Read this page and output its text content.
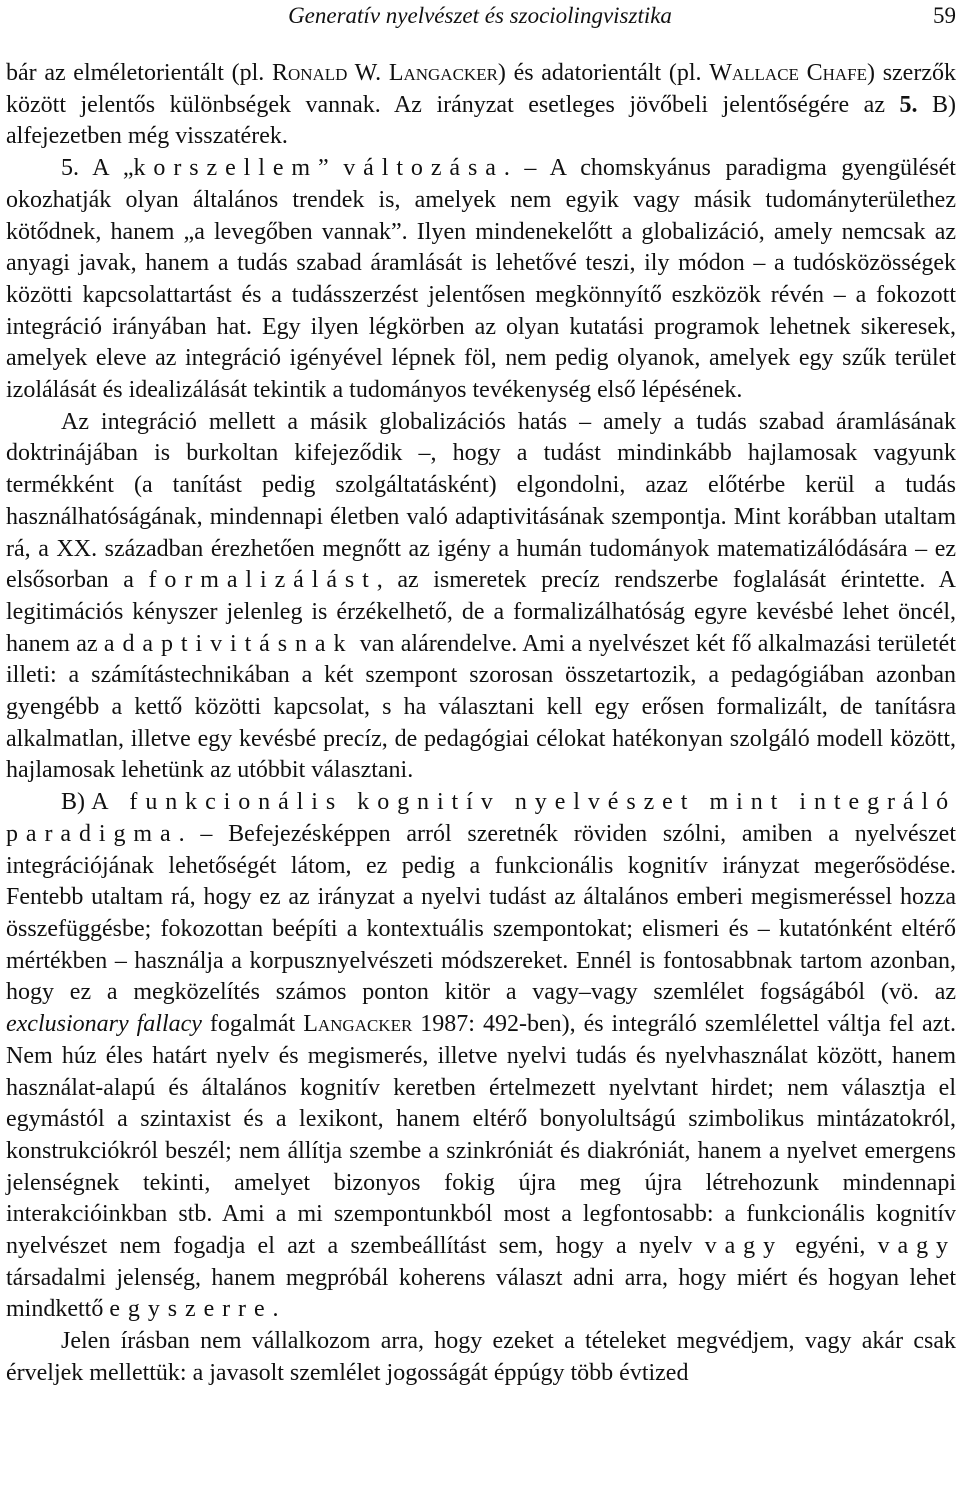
Generatív nyelvészet és szociolingvisztika	59

bár az elméletorientált (pl. Ronald W. Langacker) és adatorientált (pl. Wallace Chafe) szerzők között jelentős különbségek vannak. Az irányzat esetleges jövőbeli jelentőségére az 5. B) alfejezetben még visszatérek.

5. A „korszellem” változása. – A chomskyánus paradigma gyengülését okozhatják olyan általános trendek is, amelyek nem egyik vagy másik tudományterülethez kötődnek, hanem „a levegőben vannak”. Ilyen mindenekelőtt a globalizáció, amely nemcsak az anyagi javak, hanem a tudás szabad áramlását is lehetővé teszi, ily módon – a tudósközösségek közötti kapcsolattartást és a tudásszerzést jelentősen megkönnyítő eszközök révén – a fokozott integráció irányában hat. Egy ilyen légkörben az olyan kutatási programok lehetnek sikeresek, amelyek eleve az integráció igényével lépnek föl, nem pedig olyanok, amelyek egy szűk terület izolálását és idealizálását tekintik a tudományos tevékenység első lépésének.

Az integráció mellett a másik globalizációs hatás – amely a tudás szabad áramlásának doktrinájában is burkoltan kifejeződik –, hogy a tudást mindinkább hajlamosak vagyunk termékként (a tanítást pedig szolgáltatásként) elgondolni, azaz előtérbe kerül a tudás használhatóságának, mindennapi életben való adaptivitásának szempontja. Mint korábban utaltam rá, a XX. században érezhetően megnőtt az igény a humán tudományok matematizálódására – ez elsősorban a formalizálást, az ismeretek precíz rendszerbe foglalását érintette. A legitimációs kényszer jelenleg is érzékelhető, de a formalizálhatóság egyre kevésbé lehet öncél, hanem az adaptivitásnak van alárendelve. Ami a nyelvészet két fő alkalmazási területét illeti: a számítástechnikában a két szempont szorosan összetartozik, a pedagógiában azonban gyengébb a kettő közötti kapcsolat, s ha választani kell egy erősen formalizált, de tanításra alkalmatlan, illetve egy kevésbé precíz, de pedagógiai célokat hatékonyan szolgáló modell között, hajlamosak lehetünk az utóbbit választani.

B) A funkcionális kognitív nyelvészet mint integráló paradigma. – Befejezésképpen arról szeretnék röviden szólni, amiben a nyelvészet integrációjának lehetőségét látom, ez pedig a funkcionális kognitív irányzat megerősödése. Fentebb utaltam rá, hogy ez az irányzat a nyelvi tudást az általános emberi megismeréssel hozza összefüggésbe; fokozottan beépíti a kontextuális szempontokat; elismeri és – kutatónként eltérő mértékben – használja a korpusznyelvészeti módszereket. Ennél is fontosabbnak tartom azonban, hogy ez a megközelítés számos ponton kitör a vagy–vagy szemlélet fogságából (vö. az exclusionary fallacy fogalmát Langacker 1987: 492-ben), és integráló szemlélettel váltja fel azt. Nem húz éles határt nyelv és megismerés, illetve nyelvi tudás és nyelvhasználat között, hanem használat-alapú és általános kognitív keretben értelmezett nyelvtant hirdet; nem választja el egymástól a szintaxist és a lexikont, hanem eltérő bonyolultságú szimbolikus mintázatokról, konstrukciókról beszél; nem állítja szembe a szinkróniát és diakróniát, hanem a nyelvet emergens jelenségnek tekinti, amelyet bizonyos fokig újra meg újra létrehozunk mindennapi interakcióinkban stb. Ami a mi szempontunkból most a legfontosabb: a funkcionális kognitív nyelvészet nem fogadja el azt a szembeállítást sem, hogy a nyelv vagy egyéni, vagy társadalmi jelenség, hanem megpróbál koherens választ adni arra, hogy miért és hogyan lehet mindkettő egyszerre.

Jelen írásban nem vállalkozom arra, hogy ezeket a tételeket megvédjem, vagy akár csak érveljek mellettük: a javasolt szemlélet jogosságát éppúgy több évtized
